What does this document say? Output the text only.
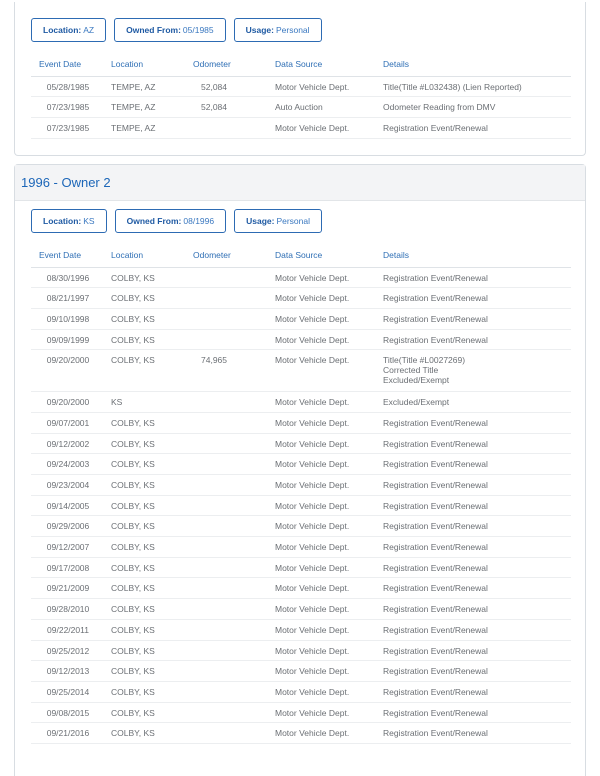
Location: AZ	Owned From: 05/1985	Usage: Personal
Event Date	Location	Odometer	Data Source	Details
05/28/1985	TEMPE, AZ	52,084	Motor Vehicle Dept.	Title(Title #L032438) (Lien Reported)
07/23/1985	TEMPE, AZ	52,084	Auto Auction	Odometer Reading from DMV
07/23/1985	TEMPE, AZ		Motor Vehicle Dept.	Registration Event/Renewal
1996 - Owner 2
Location: KS	Owned From: 08/1996	Usage: Personal
Event Date	Location	Odometer	Data Source	Details
08/30/1996	COLBY, KS		Motor Vehicle Dept.	Registration Event/Renewal
08/21/1997	COLBY, KS		Motor Vehicle Dept.	Registration Event/Renewal
09/10/1998	COLBY, KS		Motor Vehicle Dept.	Registration Event/Renewal
09/09/1999	COLBY, KS		Motor Vehicle Dept.	Registration Event/Renewal
09/20/2000	COLBY, KS	74,965	Motor Vehicle Dept.	Title(Title #L0027269)
Corrected Title
Excluded/Exempt

09/20/2000	KS		Motor Vehicle Dept.	Excluded/Exempt
09/07/2001	COLBY, KS		Motor Vehicle Dept.	Registration Event/Renewal
09/12/2002	COLBY, KS		Motor Vehicle Dept.	Registration Event/Renewal
09/24/2003	COLBY, KS		Motor Vehicle Dept.	Registration Event/Renewal
09/23/2004	COLBY, KS		Motor Vehicle Dept.	Registration Event/Renewal
09/14/2005	COLBY, KS		Motor Vehicle Dept.	Registration Event/Renewal
09/29/2006	COLBY, KS		Motor Vehicle Dept.	Registration Event/Renewal
09/12/2007	COLBY, KS		Motor Vehicle Dept.	Registration Event/Renewal
09/17/2008	COLBY, KS		Motor Vehicle Dept.	Registration Event/Renewal
09/21/2009	COLBY, KS		Motor Vehicle Dept.	Registration Event/Renewal
09/28/2010	COLBY, KS		Motor Vehicle Dept.	Registration Event/Renewal
09/22/2011	COLBY, KS		Motor Vehicle Dept.	Registration Event/Renewal
09/25/2012	COLBY, KS		Motor Vehicle Dept.	Registration Event/Renewal
09/12/2013	COLBY, KS		Motor Vehicle Dept.	Registration Event/Renewal
09/25/2014	COLBY, KS		Motor Vehicle Dept.	Registration Event/Renewal
09/08/2015	COLBY, KS		Motor Vehicle Dept.	Registration Event/Renewal
09/21/2016	COLBY, KS		Motor Vehicle Dept.	Registration Event/Renewal
